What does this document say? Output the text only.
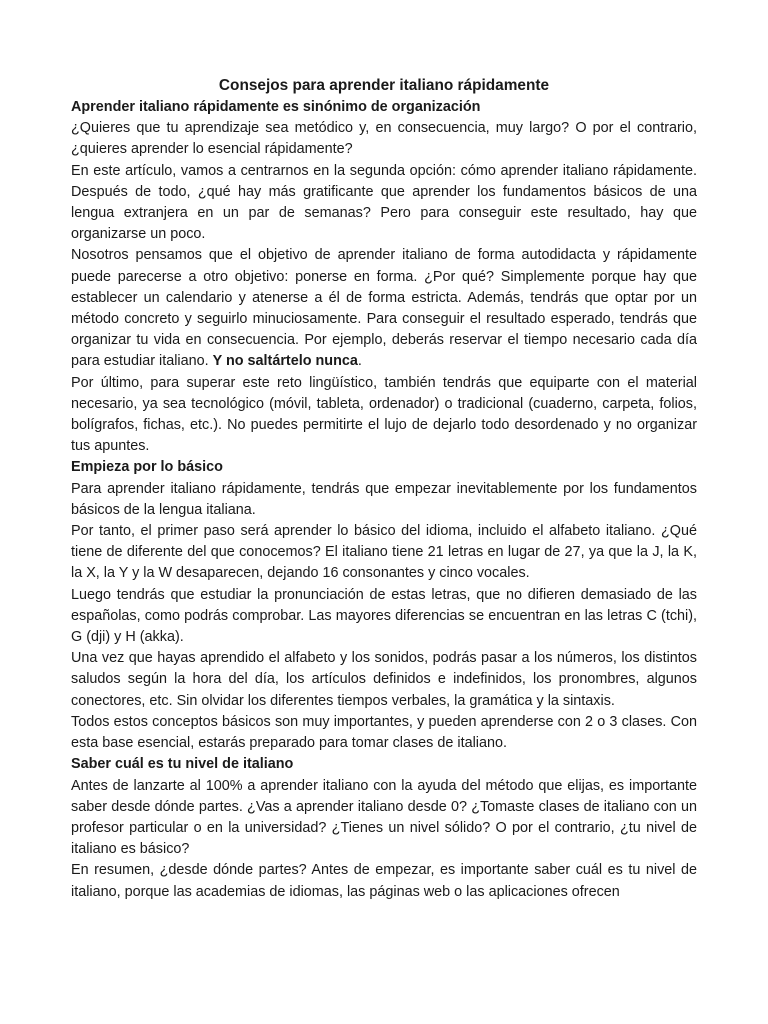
Consejos para aprender italiano rápidamente

Aprender italiano rápidamente es sinónimo de organización

¿Quieres que tu aprendizaje sea metódico y, en consecuencia, muy largo? O por el contrario, ¿quieres aprender lo esencial rápidamente?

En este artículo, vamos a centrarnos en la segunda opción: cómo aprender italiano rápidamente. Después de todo, ¿qué hay más gratificante que aprender los fundamentos básicos de una lengua extranjera en un par de semanas? Pero para conseguir este resultado, hay que organizarse un poco.

Nosotros pensamos que el objetivo de aprender italiano de forma autodidacta y rápidamente puede parecerse a otro objetivo: ponerse en forma. ¿Por qué? Simplemente porque hay que establecer un calendario y atenerse a él de forma estricta. Además, tendrás que optar por un método concreto y seguirlo minuciosamente. Para conseguir el resultado esperado, tendrás que organizar tu vida en consecuencia. Por ejemplo, deberás reservar el tiempo necesario cada día para estudiar italiano. Y no saltártelo nunca.

Por último, para superar este reto lingüístico, también tendrás que equiparte con el material necesario, ya sea tecnológico (móvil, tableta, ordenador) o tradicional (cuaderno, carpeta, folios, bolígrafos, fichas, etc.). No puedes permitirte el lujo de dejarlo todo desordenado y no organizar tus apuntes.

Empieza por lo básico

Para aprender italiano rápidamente, tendrás que empezar inevitablemente por los fundamentos básicos de la lengua italiana.

Por tanto, el primer paso será aprender lo básico del idioma, incluido el alfabeto italiano. ¿Qué tiene de diferente del que conocemos? El italiano tiene 21 letras en lugar de 27, ya que la J, la K, la X, la Y y la W desaparecen, dejando 16 consonantes y cinco vocales.

Luego tendrás que estudiar la pronunciación de estas letras, que no difieren demasiado de las españolas, como podrás comprobar. Las mayores diferencias se encuentran en las letras C (tchi), G (dji) y H (akka).

Una vez que hayas aprendido el alfabeto y los sonidos, podrás pasar a los números, los distintos saludos según la hora del día, los artículos definidos e indefinidos, los pronombres, algunos conectores, etc. Sin olvidar los diferentes tiempos verbales, la gramática y la sintaxis.

Todos estos conceptos básicos son muy importantes, y pueden aprenderse con 2 o 3 clases. Con esta base esencial, estarás preparado para tomar clases de italiano.

Saber cuál es tu nivel de italiano

Antes de lanzarte al 100% a aprender italiano con la ayuda del método que elijas, es importante saber desde dónde partes. ¿Vas a aprender italiano desde 0? ¿Tomaste clases de italiano con un profesor particular o en la universidad? ¿Tienes un nivel sólido? O por el contrario, ¿tu nivel de italiano es básico?

En resumen, ¿desde dónde partes? Antes de empezar, es importante saber cuál es tu nivel de italiano, porque las academias de idiomas, las páginas web o las aplicaciones ofrecen
